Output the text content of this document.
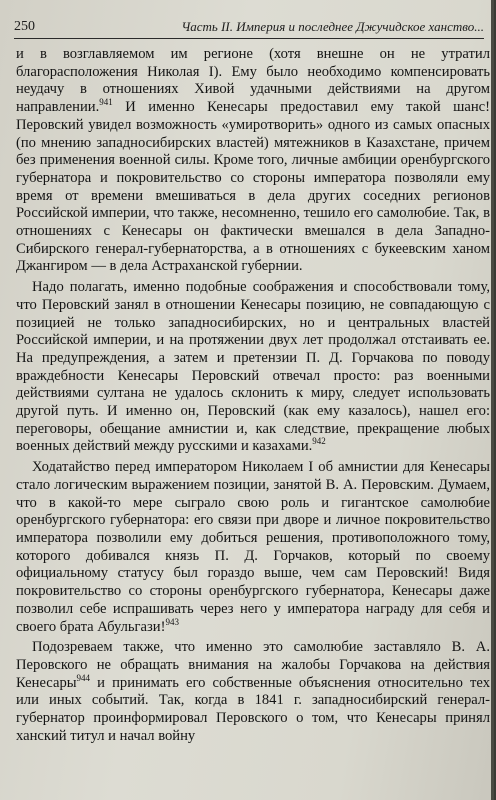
250	Часть II. Империя и последнее Джучидское ханство...

и в возглавляемом им регионе (хотя внешне он не утратил благорасположения Николая I). Ему было необходимо компенсировать неудачу в отношениях Хивой удачными действиями на другом направлении.$^{941}$ И именно Кенесары предоставил ему такой шанс! Перовский увидел возможность «умиротворить» одного из самых опасных (по мнению западносибирских властей) мятежников в Казахстане, причем без применения военной силы. Кроме того, личные амбиции оренбургского губернатора и покровительство со стороны императора позволяли ему время от времени вмешиваться в дела других соседних регионов Российской империи, что также, несомненно, тешило его самолюбие. Так, в отношениях с Кенесары он фактически вмешался в дела Западно-Сибирского генерал-губернаторства, а в отношениях с букеевским ханом Джангиром — в дела Астраханской губернии.

Надо полагать, именно подобные соображения и способствовали тому, что Перовский занял в отношении Кенесары позицию, не совпадающую с позицией не только западносибирских, но и центральных властей Российской империи, и на протяжении двух лет продолжал отстаивать ее. На предупреждения, а затем и претензии П. Д. Горчакова по поводу враждебности Кенесары Перовский отвечал просто: раз военными действиями султана не удалось склонить к миру, следует использовать другой путь. И именно он, Перовский (как ему казалось), нашел его: переговоры, обещание амнистии и, как следствие, прекращение любых военных действий между русскими и казахами.$^{942}$

Ходатайство перед императором Николаем I об амнистии для Кенесары стало логическим выражением позиции, занятой В. А. Перовским. Думаем, что в какой-то мере сыграло свою роль и гигантское самолюбие оренбургского губернатора: его связи при дворе и личное покровительство императора позволили ему добиться решения, противоположного тому, которого добивался князь П. Д. Горчаков, который по своему официальному статусу был гораздо выше, чем сам Перовский! Видя покровительство со стороны оренбургского губернатора, Кенесары даже позволил себе испрашивать через него у императора награду для себя и своего брата Абульгази!$^{943}$

Подозреваем также, что именно это самолюбие заставляло В. А. Перовского не обращать внимания на жалобы Горчакова на действия Кенесары$^{944}$ и принимать его собственные объяснения относительно тех или иных событий. Так, когда в 1841 г. западносибирский генерал-губернатор проинформировал Перовского о том, что Кенесары принял ханский титул и начал войну
